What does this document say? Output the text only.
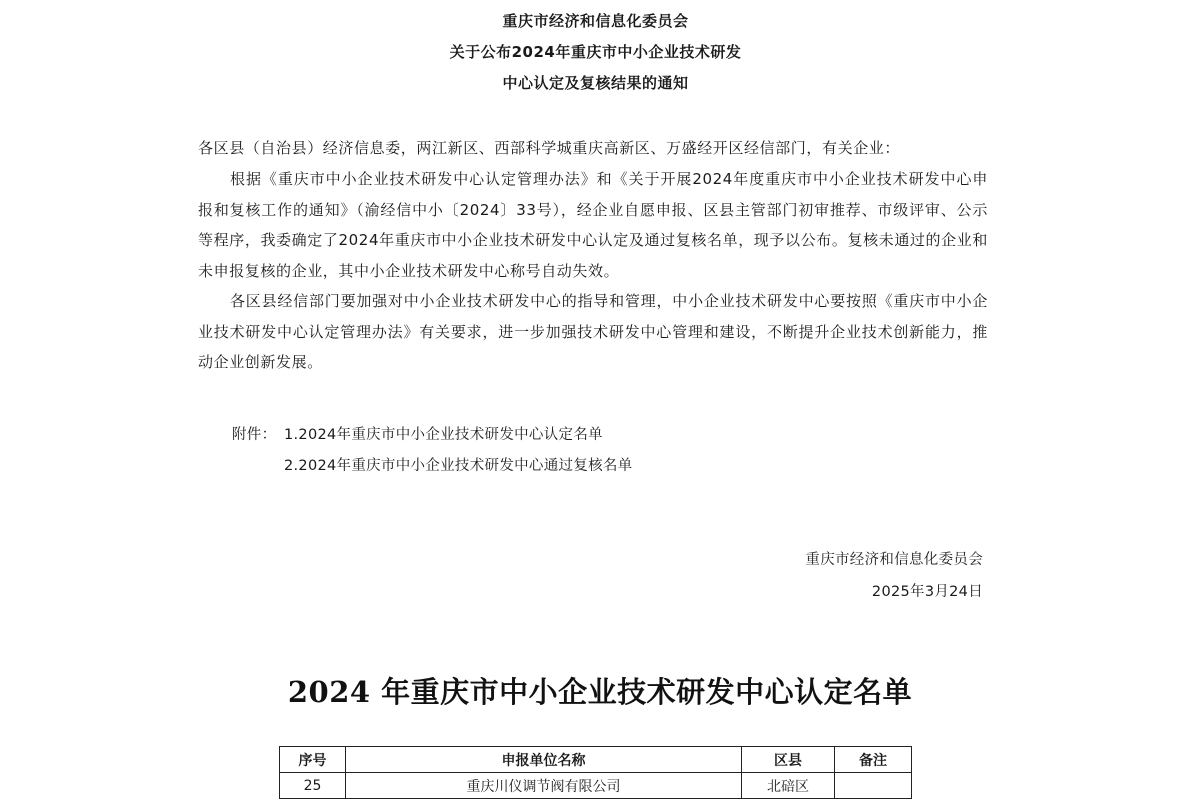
重庆市经济和信息化委员会
关于公布2024年重庆市中小企业技术研发
中心认定及复核结果的通知

各区县（自治县）经济信息委，两江新区、西部科学城重庆高新区、万盛经开区经信部门，有关企业：

根据《重庆市中小企业技术研发中心认定管理办法》和《关于开展2024年度重庆市中小企业技术研发中心申报和复核工作的通知》（渝经信中小〔2024〕33号），经企业自愿申报、区县主管部门初审推荐、市级评审、公示等程序，我委确定了2024年重庆市中小企业技术研发中心认定及通过复核名单，现予以公布。复核未通过的企业和未申报复核的企业，其中小企业技术研发中心称号自动失效。

各区县经信部门要加强对中小企业技术研发中心的指导和管理，中小企业技术研发中心要按照《重庆市中小企业技术研发中心认定管理办法》有关要求，进一步加强技术研发中心管理和建设，不断提升企业技术创新能力，推动企业创新发展。

附件： 1.2024年重庆市中小企业技术研发中心认定名单
2.2024年重庆市中小企业技术研发中心通过复核名单
重庆市经济和信息化委员会
2025年3月24日
2024 年重庆市中小企业技术研发中心认定名单
序号	申报单位名称	区县	备注
25	重庆川仪调节阀有限公司	北碚区	
